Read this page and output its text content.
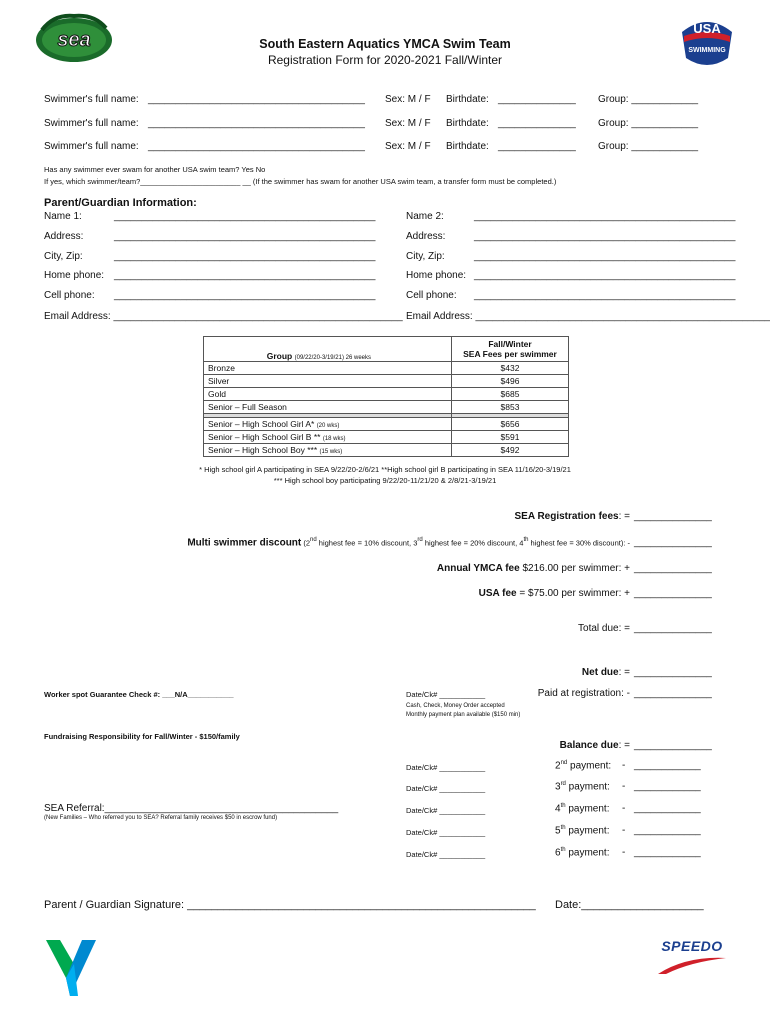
sea
USA
SWIMMING
South Eastern Aquatics YMCA Swim Team
Registration Form for 2020-2021 Fall/Winter
Swimmer's full name: _______________________________________ Sex: M / F Birthdate: ______________ Group: ____________
Swimmer's full name: _______________________________________ Sex: M / F Birthdate: ______________ Group: ____________
Swimmer's full name: _______________________________________ Sex: M / F Birthdate: ______________ Group: ____________
Has any swimmer ever swam for another USA swim team? Yes No
If yes, which swimmer/team?________________________ __ (If the swimmer has swam for another USA swim team, a transfer form must be completed.)
Parent/Guardian Information:
Name 1:	_______________________________________________	Name 2:	_______________________________________________
Address:	_______________________________________________	Address:	_______________________________________________
City, Zip:	_______________________________________________	City, Zip:	_______________________________________________
Home phone: _______________________________________________	Home phone: _______________________________________________
Cell phone: _______________________________________________	Cell phone: _______________________________________________
Email Address: ____________________________________________________ Email Address: _____________________________________________________
Group (09/22/20-3/19/21) 26 weeks	Fall/Winter
SEA Fees per swimmer

Bronze	$432
Silver	$496
Gold	$685
Senior – Full Season	$853

Senior – High School Girl A* (20 wks)	$656
Senior – High School Girl B ** (18 wks)	$591
Senior – High School Boy *** (15 wks)	$492
* High school girl A participating in SEA 9/22/20-2/6/21 **High school girl B participating in SEA 11/16/20-3/19/21
*** High school boy participating 9/22/20-11/21/20 & 2/8/21-3/19/21
SEA Registration fees: = ______________
Multi swimmer discount (2nd highest fee = 10% discount, 3rd highest fee = 20% discount, 4th highest fee = 30% discount): - ______________
Annual YMCA fee $216.00 per swimmer: + ______________
USA fee = $75.00 per swimmer: + ______________
Total due: = ______________
Net due: = ______________
Worker spot Guarantee Check #: ___N/A___________	Date/Ck# ___________	Paid at registration: - ______________
Cash, Check, Money Order accepted
Monthly payment plan available ($150 min)
Fundraising Responsibility for Fall/Winter - $150/family
Balance due: = ______________
Date/Ck# ___________	2nd payment: - ____________
Date/Ck# ___________	3rd payment: - ____________
SEA Referral:__________________________________________
(New Families – Who referred you to SEA? Referral family receives $50 in escrow fund)
Date/Ck# ___________	4th payment: - ____________
Date/Ck# ___________	5th payment: - ____________
Date/Ck# ___________	6th payment: - ____________
Parent / Guardian Signature: _________________________________________________________ Date:____________________
SPEEDO
